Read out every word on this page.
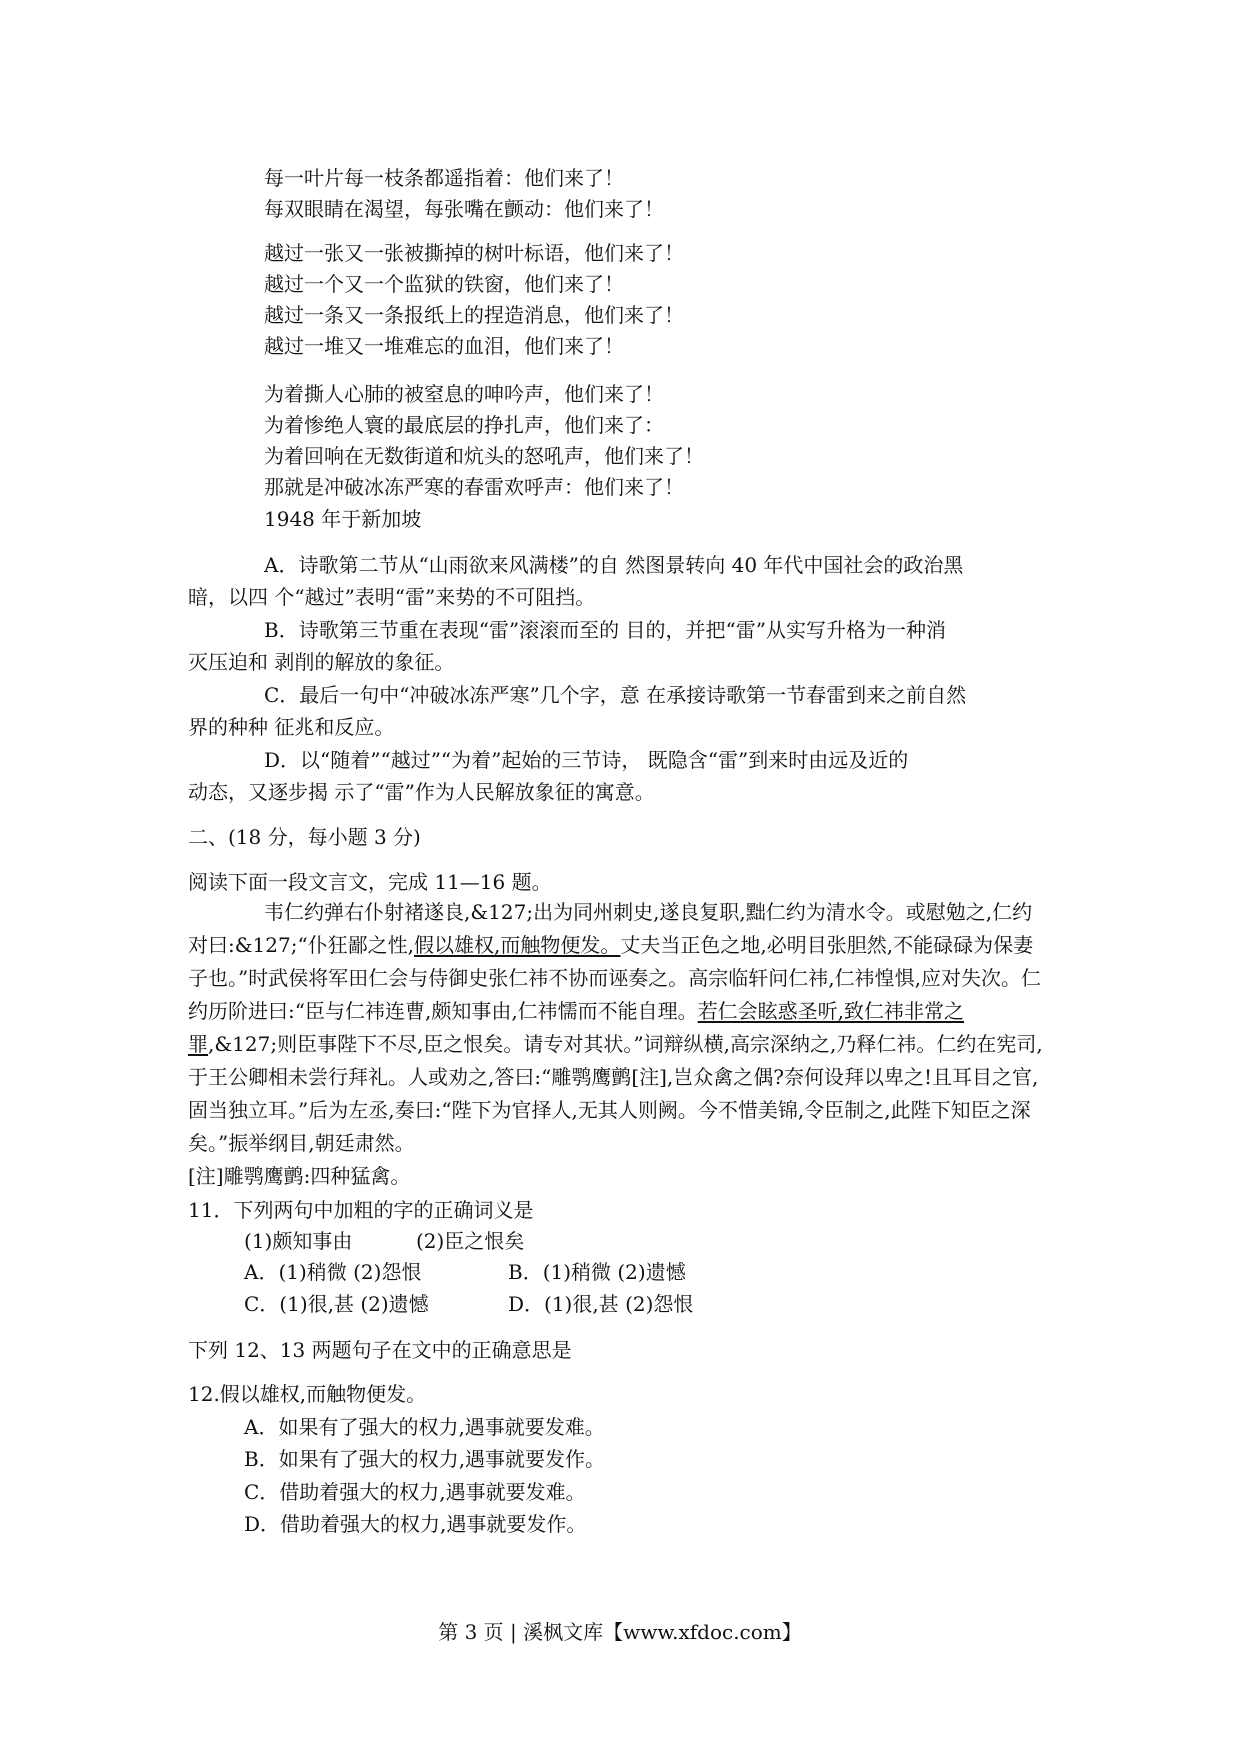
每一叶片每一枝条都遥指着：他们来了！
每双眼睛在渴望，每张嘴在颤动：他们来了！
越过一张又一张被撕掉的树叶标语，他们来了！
越过一个又一个监狱的铁窗，他们来了！
越过一条又一条报纸上的捏造消息，他们来了！
越过一堆又一堆难忘的血泪，他们来了！
为着撕人心肺的被窒息的呻吟声，他们来了！
为着惨绝人寰的最底层的挣扎声，他们来了：
为着回响在无数街道和炕头的怒吼声，他们来了！
那就是冲破冰冻严寒的春雷欢呼声：他们来了！
1948 年于新加坡
A．诗歌第二节从“山雨欲来风满楼”的自 然图景转向 40 年代中国社会的政治黑
暗，以四 个“越过”表明“雷”来势的不可阻挡。
B．诗歌第三节重在表现“雷”滚滚而至的 目的，并把“雷”从实写升格为一种消
灭压迫和 剥削的解放的象征。
C．最后一句中“冲破冰冻严寒”几个字，意 在承接诗歌第一节春雷到来之前自然
界的种种 征兆和反应。
D．以“随着”“越过”“为着”起始的三节诗， 既隐含“雷”到来时由远及近的
动态，又逐步揭 示了“雷”作为人民解放象征的寓意。
二、(18 分，每小题 3 分)
阅读下面一段文言文，完成 11—16 题。
韦仁约弹右仆射褚遂良,&127;出为同州刺史,遂良复职,黜仁约为清水令。或慰勉之,仁约对曰:&127;“仆狂鄙之性,假以雄权,而触物便发。丈夫当正色之地,必明目张胆然,不能碌碌为保妻子也。”时武侯将军田仁会与侍御史张仁祎不协而诬奏之。高宗临轩问仁祎,仁祎惶惧,应对失次。仁约历阶进曰:“臣与仁祎连曹,颇知事由,仁祎懦而不能自理。若仁会眩惑圣听,致仁祎非常之罪,&127;则臣事陛下不尽,臣之恨矣。请专对其状。”词辩纵横,高宗深纳之,乃释仁祎。仁约在宪司,于王公卿相未尝行拜礼。人或劝之,答曰:“雕鹗鹰鹯[注],岂众禽之偶?奈何设拜以卑之!且耳目之官,固当独立耳。”后为左丞,奏曰:“陛下为官择人,无其人则阙。今不惜美锦,令臣制之,此陛下知臣之深矣。”振举纲目,朝廷肃然。
[注]雕鹗鹰鹯:四种猛禽。
11．下列两句中加粗的字的正确词义是
(1)颇知事由	(2)臣之恨矣
A．(1)稍微 (2)怨恨	B．(1)稍微 (2)遗憾
C．(1)很,甚 (2)遗憾	D．(1)很,甚 (2)怨恨
下列 12、13 两题句子在文中的正确意思是
12.假以雄权,而触物便发。
A．如果有了强大的权力,遇事就要发难。
B．如果有了强大的权力,遇事就要发作。
C．借助着强大的权力,遇事就要发难。
D．借助着强大的权力,遇事就要发作。
第 3 页 | 溪枫文库【www.xfdoc.com】
